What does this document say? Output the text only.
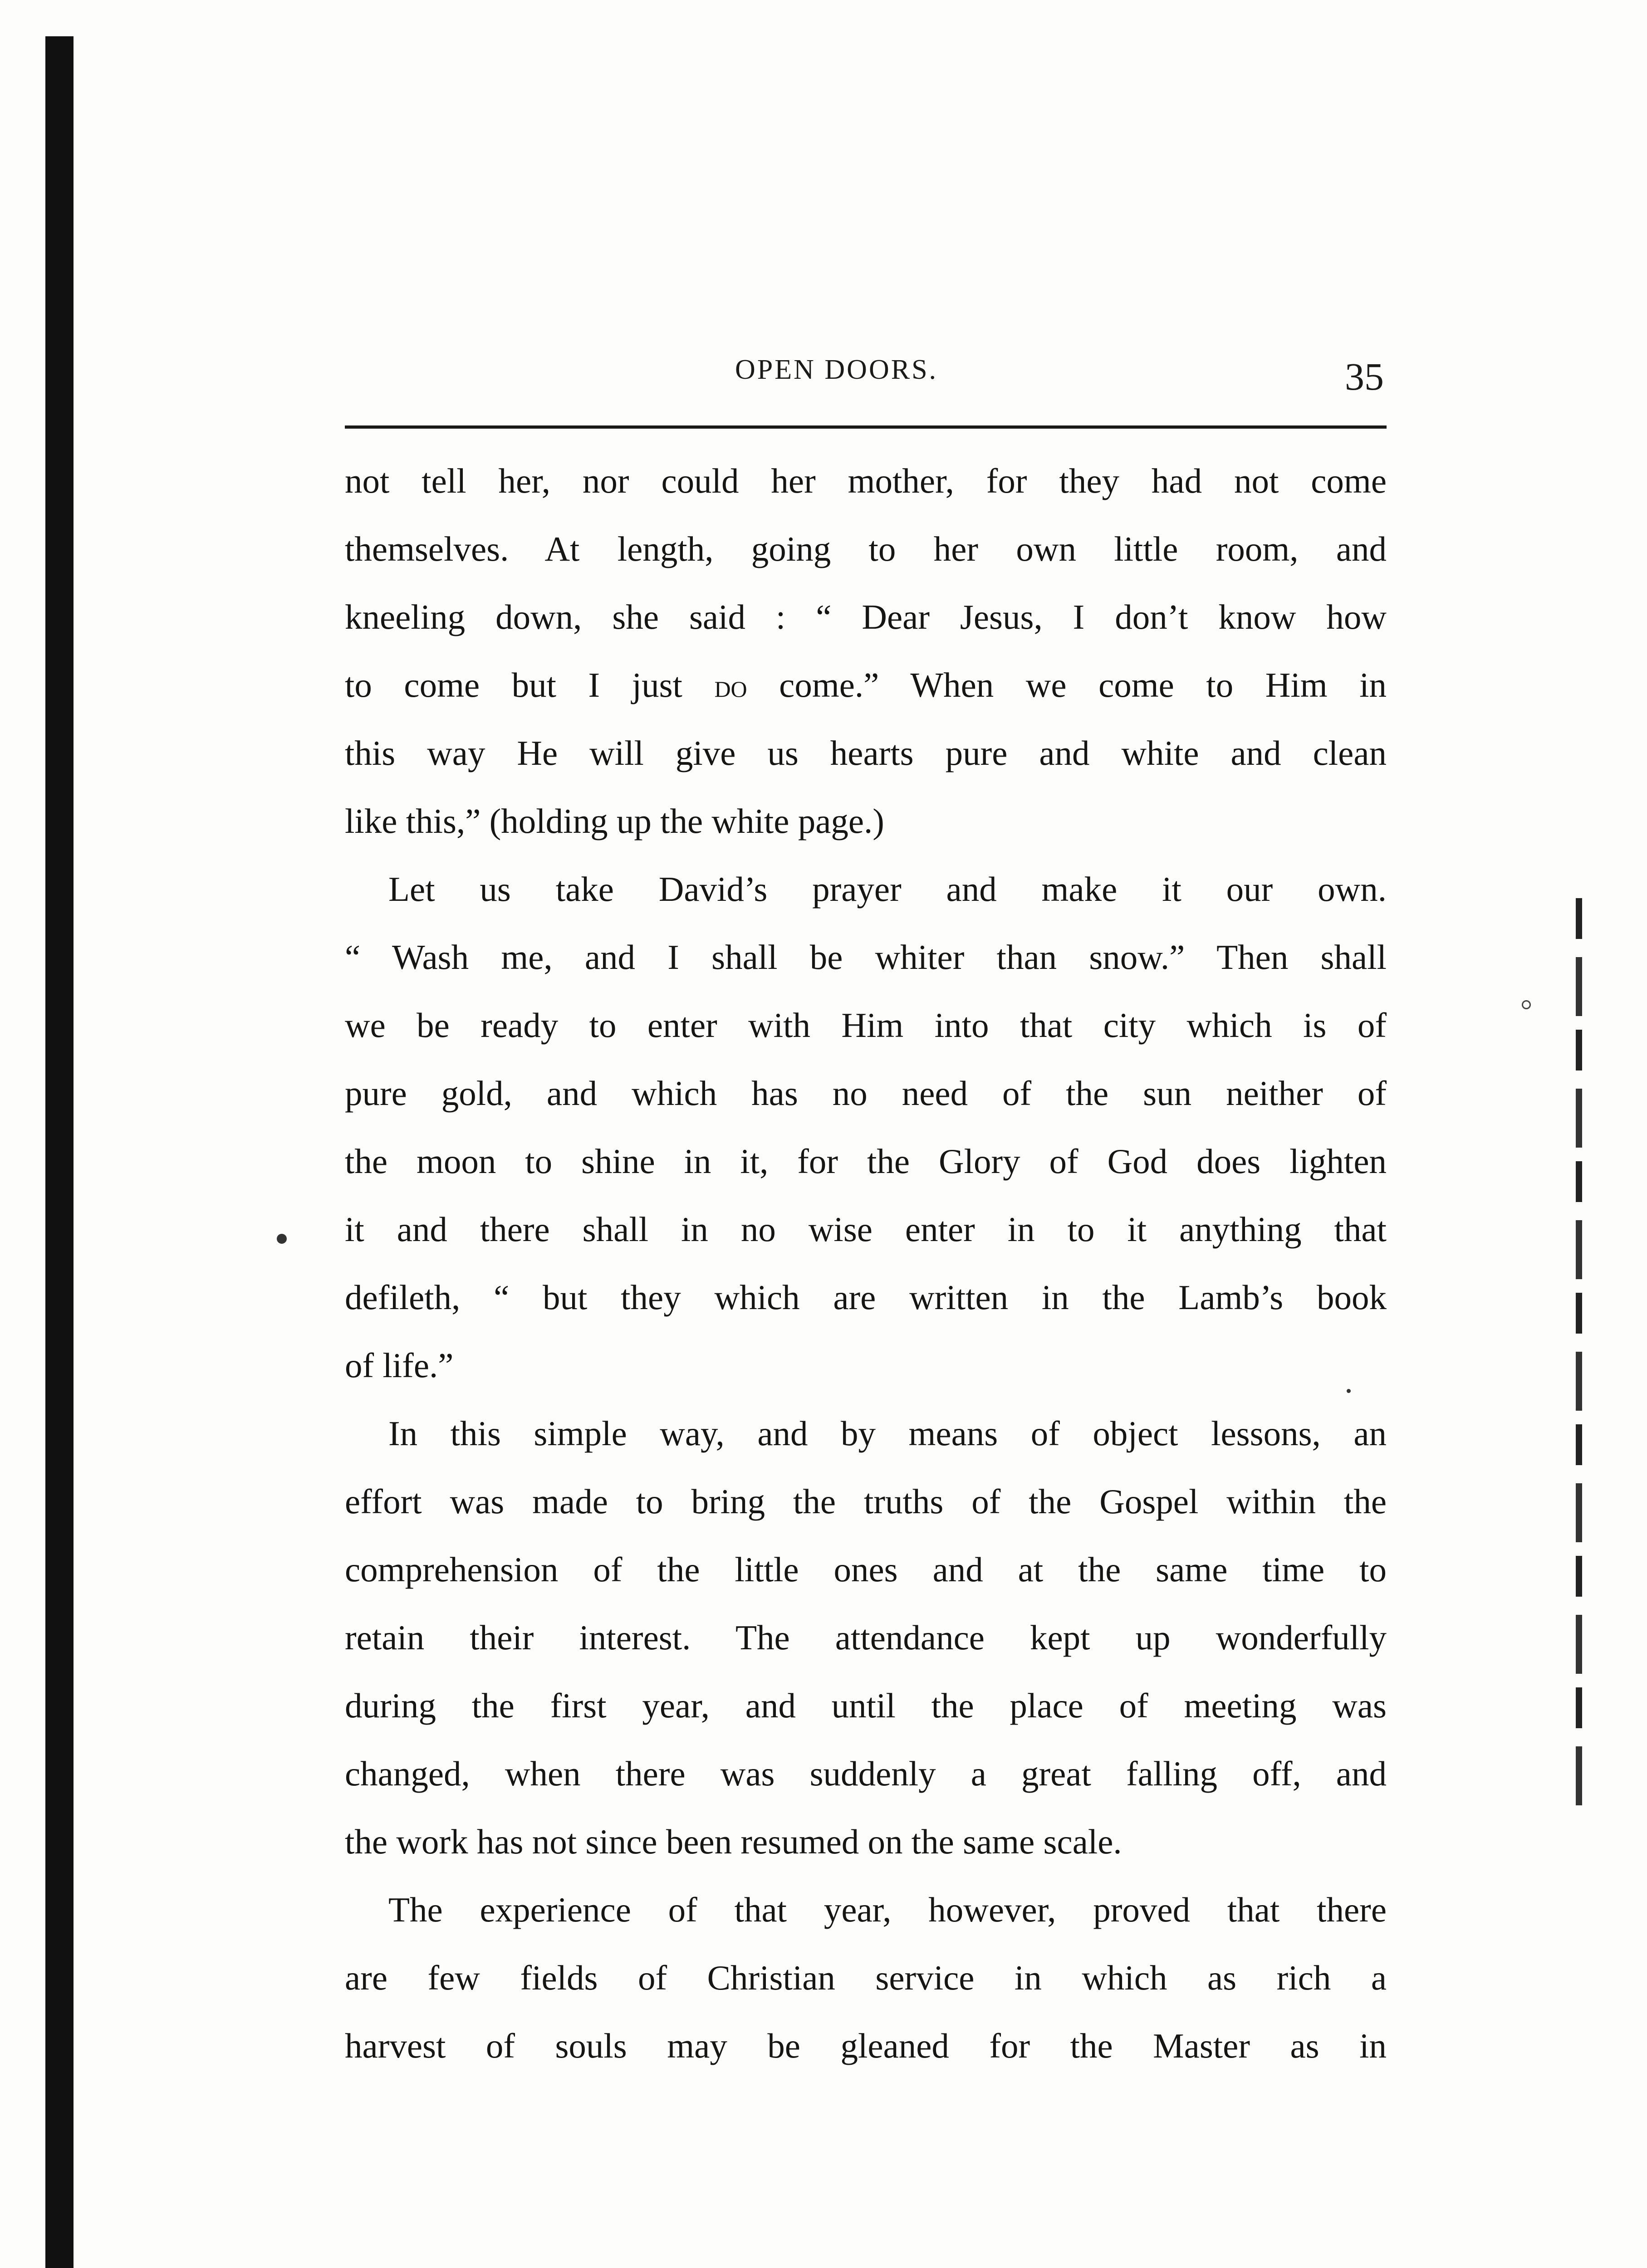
OPEN DOORS.	35
not tell her, nor could her mother, for they had not come
themselves. At length, going to her own little room, and
kneeling down, she said : “ Dear Jesus, I don’t know how
to come but I just do come.” When we come to Him in
this way He will give us hearts pure and white and clean
like this,” (holding up the white page.)
Let us take David’s prayer and make it our own.
“ Wash me, and I shall be whiter than snow.” Then shall
we be ready to enter with Him into that city which is of
pure gold, and which has no need of the sun neither of
the moon to shine in it, for the Glory of God does lighten
it and there shall in no wise enter in to it anything that
defileth, “ but they which are written in the Lamb’s book
of life.”
In this simple way, and by means of object lessons, an
effort was made to bring the truths of the Gospel within the
comprehension of the little ones and at the same time to
retain their interest. The attendance kept up wonderfully
during the first year, and until the place of meeting was
changed, when there was suddenly a great falling off, and
the work has not since been resumed on the same scale.
The experience of that year, however, proved that there
are few fields of Christian service in which as rich a
harvest of souls may be gleaned for the Master as in
